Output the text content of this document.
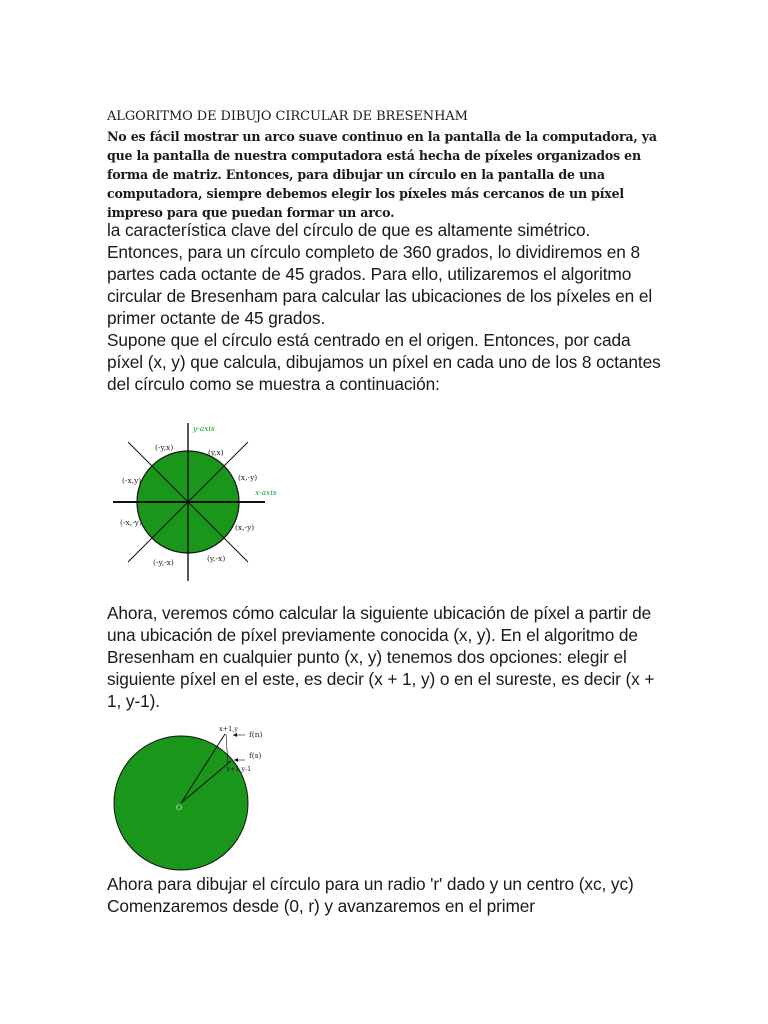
ALGORITMO DE DIBUJO CIRCULAR DE BRESENHAM

No es fácil mostrar un arco suave continuo en la pantalla de la computadora, ya que la pantalla de nuestra computadora está hecha de píxeles organizados en forma de matriz. Entonces, para dibujar un círculo en la pantalla de una computadora, siempre debemos elegir los píxeles más cercanos de un píxel impreso para que puedan formar un arco.

la característica clave del círculo de que es altamente simétrico. Entonces, para un círculo completo de 360 grados, lo dividiremos en 8 partes cada octante de 45 grados. Para ello, utilizaremos el algoritmo circular de Bresenham para calcular las ubicaciones de los píxeles en el primer octante de 45 grados.

Supone que el círculo está centrado en el origen. Entonces, por cada píxel (x, y) que calcula, dibujamos un píxel en cada uno de los 8 octantes del círculo como se muestra a continuación:

y-axis
x-axis
(-y,x)
(y,x)
(-x,y)	(x,-y)
(-x,-y)
(x,-y)
(-y,-x)	(y,-x)

Ahora, veremos cómo calcular la siguiente ubicación de píxel a partir de una ubicación de píxel previamente conocida (x, y). En el algoritmo de Bresenham en cualquier punto (x, y) tenemos dos opciones: elegir el siguiente píxel en el este, es decir (x + 1, y) o en el sureste, es decir (x + 1, y-1).

x+1,y
f(n)
f(s)
x+1,y-1
O

Ahora para dibujar el círculo para un radio 'r' dado y un centro (xc, yc) Comenzaremos desde (0, r) y avanzaremos en el primer
